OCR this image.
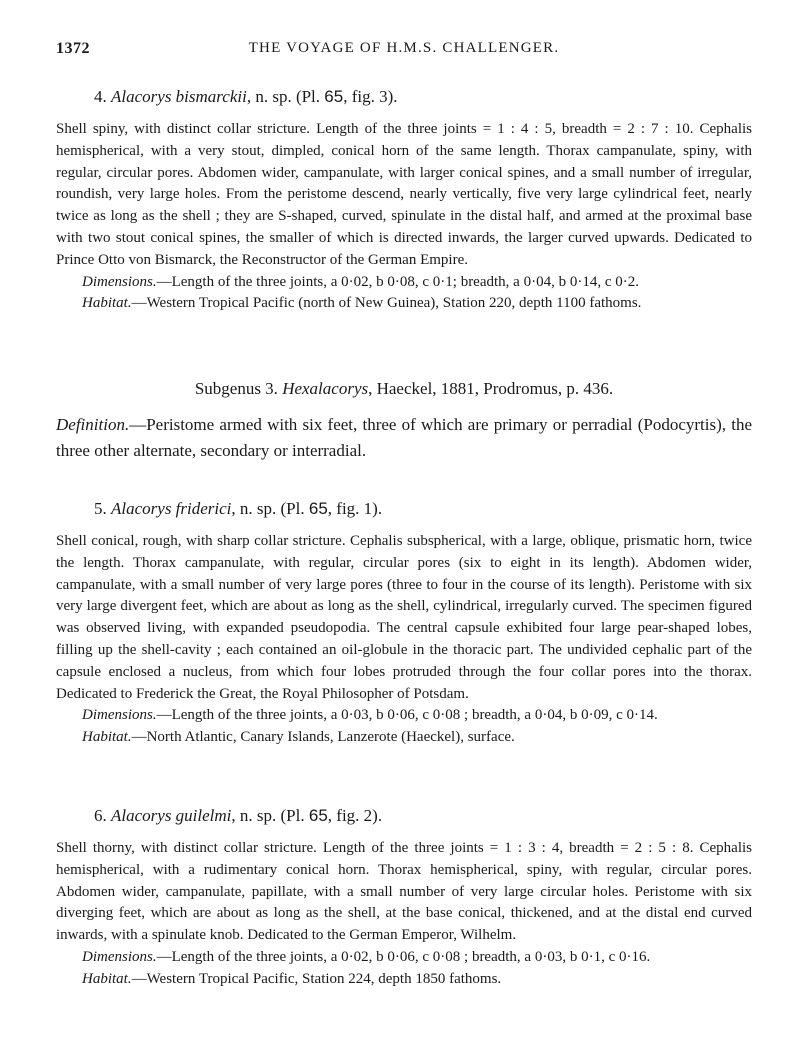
1372	THE VOYAGE OF H.M.S. CHALLENGER.
4. Alacorys bismarckii, n. sp. (Pl. 65, fig. 3).

Shell spiny, with distinct collar stricture. Length of the three joints = 1 : 4 : 5, breadth = 2 : 7 : 10. Cephalis hemispherical, with a very stout, dimpled, conical horn of the same length. Thorax campanulate, spiny, with regular, circular pores. Abdomen wider, campanulate, with larger conical spines, and a small number of irregular, roundish, very large holes. From the peristome descend, nearly vertically, five very large cylindrical feet, nearly twice as long as the shell ; they are S-shaped, curved, spinulate in the distal half, and armed at the proximal base with two stout conical spines, the smaller of which is directed inwards, the larger curved upwards. Dedicated to Prince Otto von Bismarck, the Reconstructor of the German Empire.

Dimensions.—Length of the three joints, a 0·02, b 0·08, c 0·1; breadth, a 0·04, b 0·14, c 0·2.

Habitat.—Western Tropical Pacific (north of New Guinea), Station 220, depth 1100 fathoms.

Subgenus 3. Hexalacorys, Haeckel, 1881, Prodromus, p. 436.

Definition.—Peristome armed with six feet, three of which are primary or perradial (Podocyrtis), the three other alternate, secondary or interradial.

5. Alacorys friderici, n. sp. (Pl. 65, fig. 1).

Shell conical, rough, with sharp collar stricture. Cephalis subspherical, with a large, oblique, prismatic horn, twice the length. Thorax campanulate, with regular, circular pores (six to eight in its length). Abdomen wider, campanulate, with a small number of very large pores (three to four in the course of its length). Peristome with six very large divergent feet, which are about as long as the shell, cylindrical, irregularly curved. The specimen figured was observed living, with expanded pseudopodia. The central capsule exhibited four large pear-shaped lobes, filling up the shell-cavity ; each contained an oil-globule in the thoracic part. The undivided cephalic part of the capsule enclosed a nucleus, from which four lobes protruded through the four collar pores into the thorax. Dedicated to Frederick the Great, the Royal Philosopher of Potsdam.

Dimensions.—Length of the three joints, a 0·03, b 0·06, c 0·08 ; breadth, a 0·04, b 0·09, c 0·14.

Habitat.—North Atlantic, Canary Islands, Lanzerote (Haeckel), surface.

6. Alacorys guilelmi, n. sp. (Pl. 65, fig. 2).

Shell thorny, with distinct collar stricture. Length of the three joints = 1 : 3 : 4, breadth = 2 : 5 : 8. Cephalis hemispherical, with a rudimentary conical horn. Thorax hemispherical, spiny, with regular, circular pores. Abdomen wider, campanulate, papillate, with a small number of very large circular holes. Peristome with six diverging feet, which are about as long as the shell, at the base conical, thickened, and at the distal end curved inwards, with a spinulate knob. Dedicated to the German Emperor, Wilhelm.

Dimensions.—Length of the three joints, a 0·02, b 0·06, c 0·08 ; breadth, a 0·03, b 0·1, c 0·16.

Habitat.—Western Tropical Pacific, Station 224, depth 1850 fathoms.
